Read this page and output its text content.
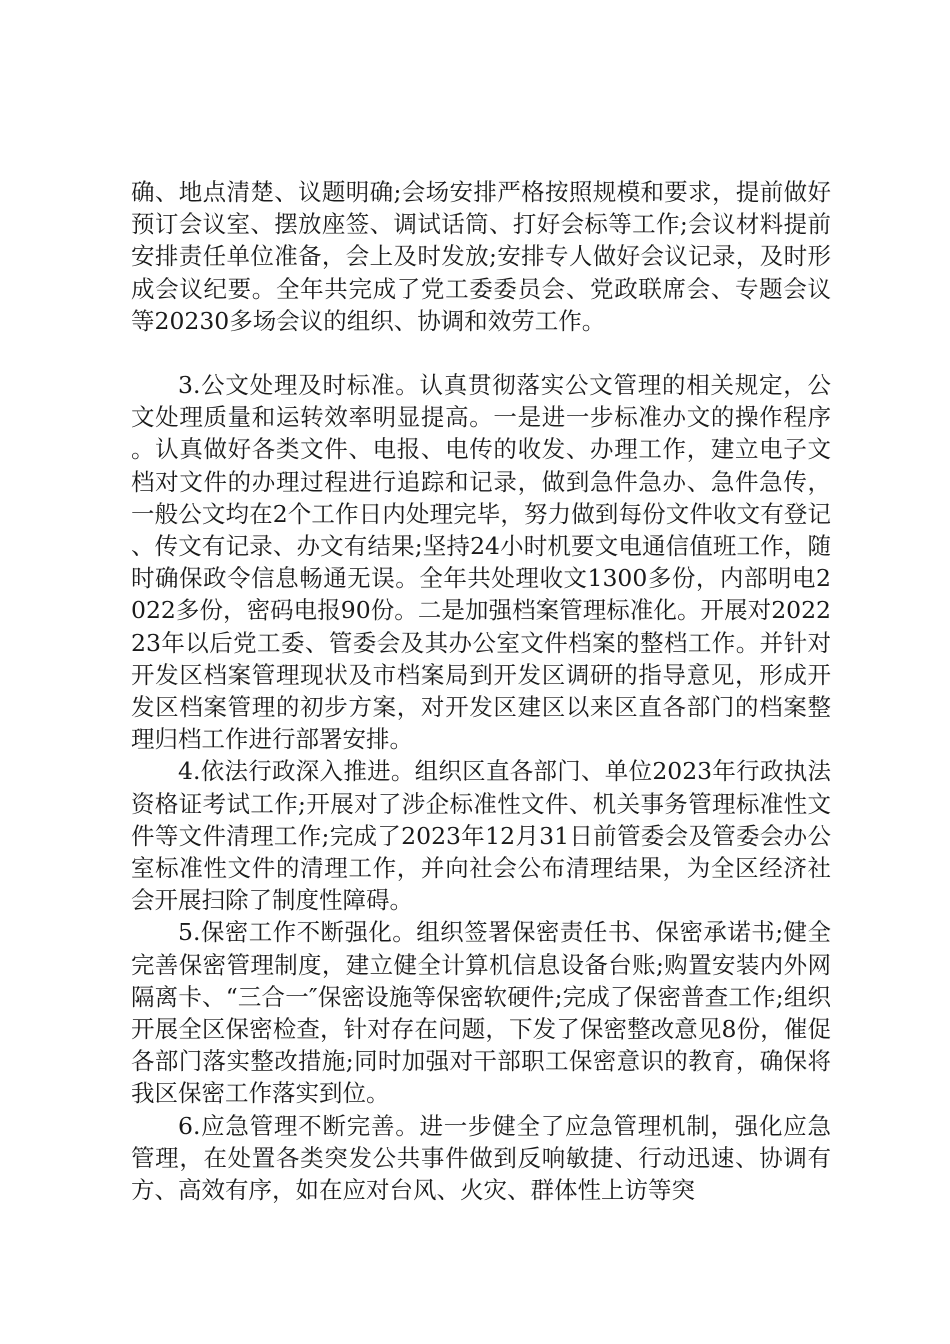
确、地点清楚、议题明确;会场安排严格按照规模和要求，提前做好预订会议室、摆放座签、调试话筒、打好会标等工作;会议材料提前安排责任单位准备，会上及时发放;安排专人做好会议记录，及时形成会议纪要。全年共完成了党工委委员会、党政联席会、专题会议等20230多场会议的组织、协调和效劳工作。

3.公文处理及时标准。认真贯彻落实公文管理的相关规定，公文处理质量和运转效率明显提高。一是进一步标准办文的操作程序。认真做好各类文件、电报、电传的收发、办理工作，建立电子文档对文件的办理过程进行追踪和记录，做到急件急办、急件急传，一般公文均在2个工作日内处理完毕，努力做到每份文件收文有登记、传文有记录、办文有结果;坚持24小时机要文电通信值班工作，随时确保政令信息畅通无误。全年共处理收文1300多份，内部明电2022多份，密码电报90份。二是加强档案管理标准化。开展对202223年以后党工委、管委会及其办公室文件档案的整档工作。并针对开发区档案管理现状及市档案局到开发区调研的指导意见，形成开发区档案管理的初步方案，对开发区建区以来区直各部门的档案整理归档工作进行部署安排。

4.依法行政深入推进。组织区直各部门、单位2023年行政执法资格证考试工作;开展对了涉企标准性文件、机关事务管理标准性文件等文件清理工作;完成了2023年12月31日前管委会及管委会办公室标准性文件的清理工作，并向社会公布清理结果，为全区经济社会开展扫除了制度性障碍。

5.保密工作不断强化。组织签署保密责任书、保密承诺书;健全完善保密管理制度，建立健全计算机信息设备台账;购置安装内外网隔离卡、“三合一″保密设施等保密软硬件;完成了保密普查工作;组织开展全区保密检查，针对存在问题，下发了保密整改意见8份，催促各部门落实整改措施;同时加强对干部职工保密意识的教育，确保将我区保密工作落实到位。

6.应急管理不断完善。进一步健全了应急管理机制，强化应急管理，在处置各类突发公共事件做到反响敏捷、行动迅速、协调有方、高效有序，如在应对台风、火灾、群体性上访等突
